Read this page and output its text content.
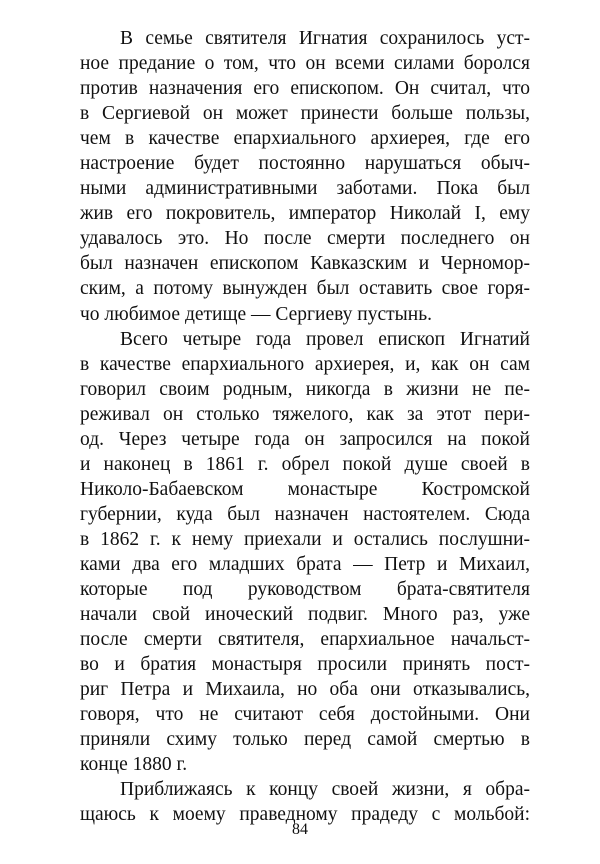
В семье святителя Игнатия сохранилось уст-
ное предание о том, что он всеми силами боролся
против назначения его епископом. Он считал, что
в Сергиевой он может принести больше пользы,
чем в качестве епархиального архиерея, где его
настроение будет постоянно нарушаться обыч-
ными административными заботами. Пока был
жив его покровитель, император Николай I, ему
удавалось это. Но после смерти последнего он
был назначен епископом Кавказским и Черномор-
ским, а потому вынужден был оставить свое горя-
чо любимое детище — Сергиеву пустынь.
Всего четыре года провел епископ Игнатий
в качестве епархиального архиерея, и, как он сам
говорил своим родным, никогда в жизни не пе-
реживал он столько тяжелого, как за этот пери-
од. Через четыре года он запросился на покой
и наконец в 1861 г. обрел покой душе своей в
Николо-Бабаевском монастыре Костромской
губернии, куда был назначен настоятелем. Сюда
в 1862 г. к нему приехали и остались послушни-
ками два его младших брата — Петр и Михаил,
которые под руководством брата-святителя
начали свой иноческий подвиг. Много раз, уже
после смерти святителя, епархиальное начальст-
во и братия монастыря просили принять пост-
риг Петра и Михаила, но оба они отказывались,
говоря, что не считают себя достойными. Они
приняли схиму только перед самой смертью в
конце 1880 г.
Приближаясь к концу своей жизни, я обра-
щаюсь к моему праведному прадеду с мольбой:
84
